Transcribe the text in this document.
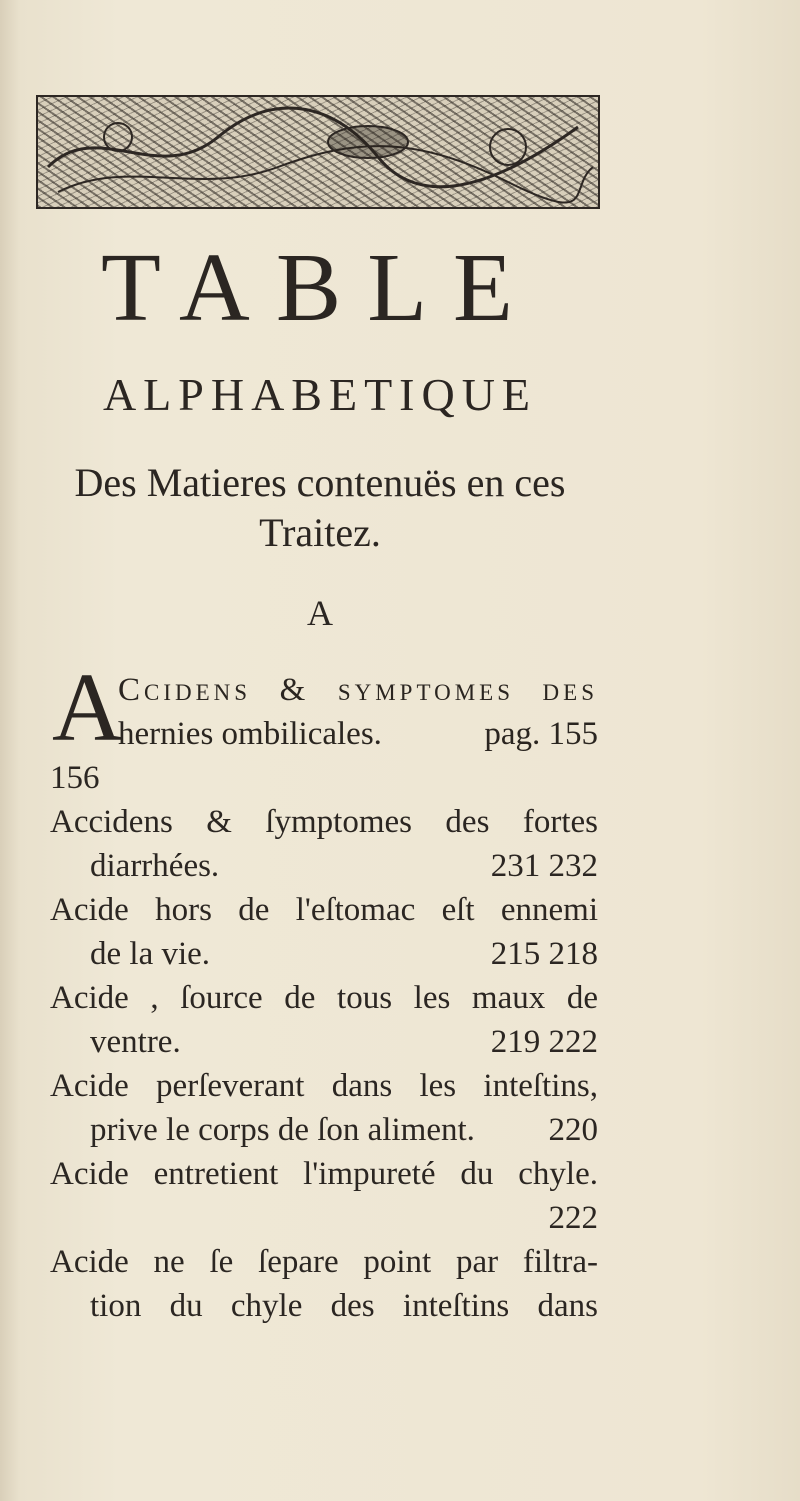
TABLE
ALPHABETIQUE
Des Matieres contenuës en ces
Traitez.
A
A
Ccidens & ſymptomes des
hernies ombilicales.	pag. 155
156
Accidens & ſymptomes des fortes
diarrhées.	231 232
Acide hors de l'eſtomac eſt ennemi
de la vie.	215 218
Acide , ſource de tous les maux de
ventre.	219 222
Acide perſeverant dans les inteſtins,
prive le corps de ſon aliment. 220
Acide entretient l'impureté du chyle.
222
Acide ne ſe ſepare point par filtra-
tion du chyle des inteſtins dans
